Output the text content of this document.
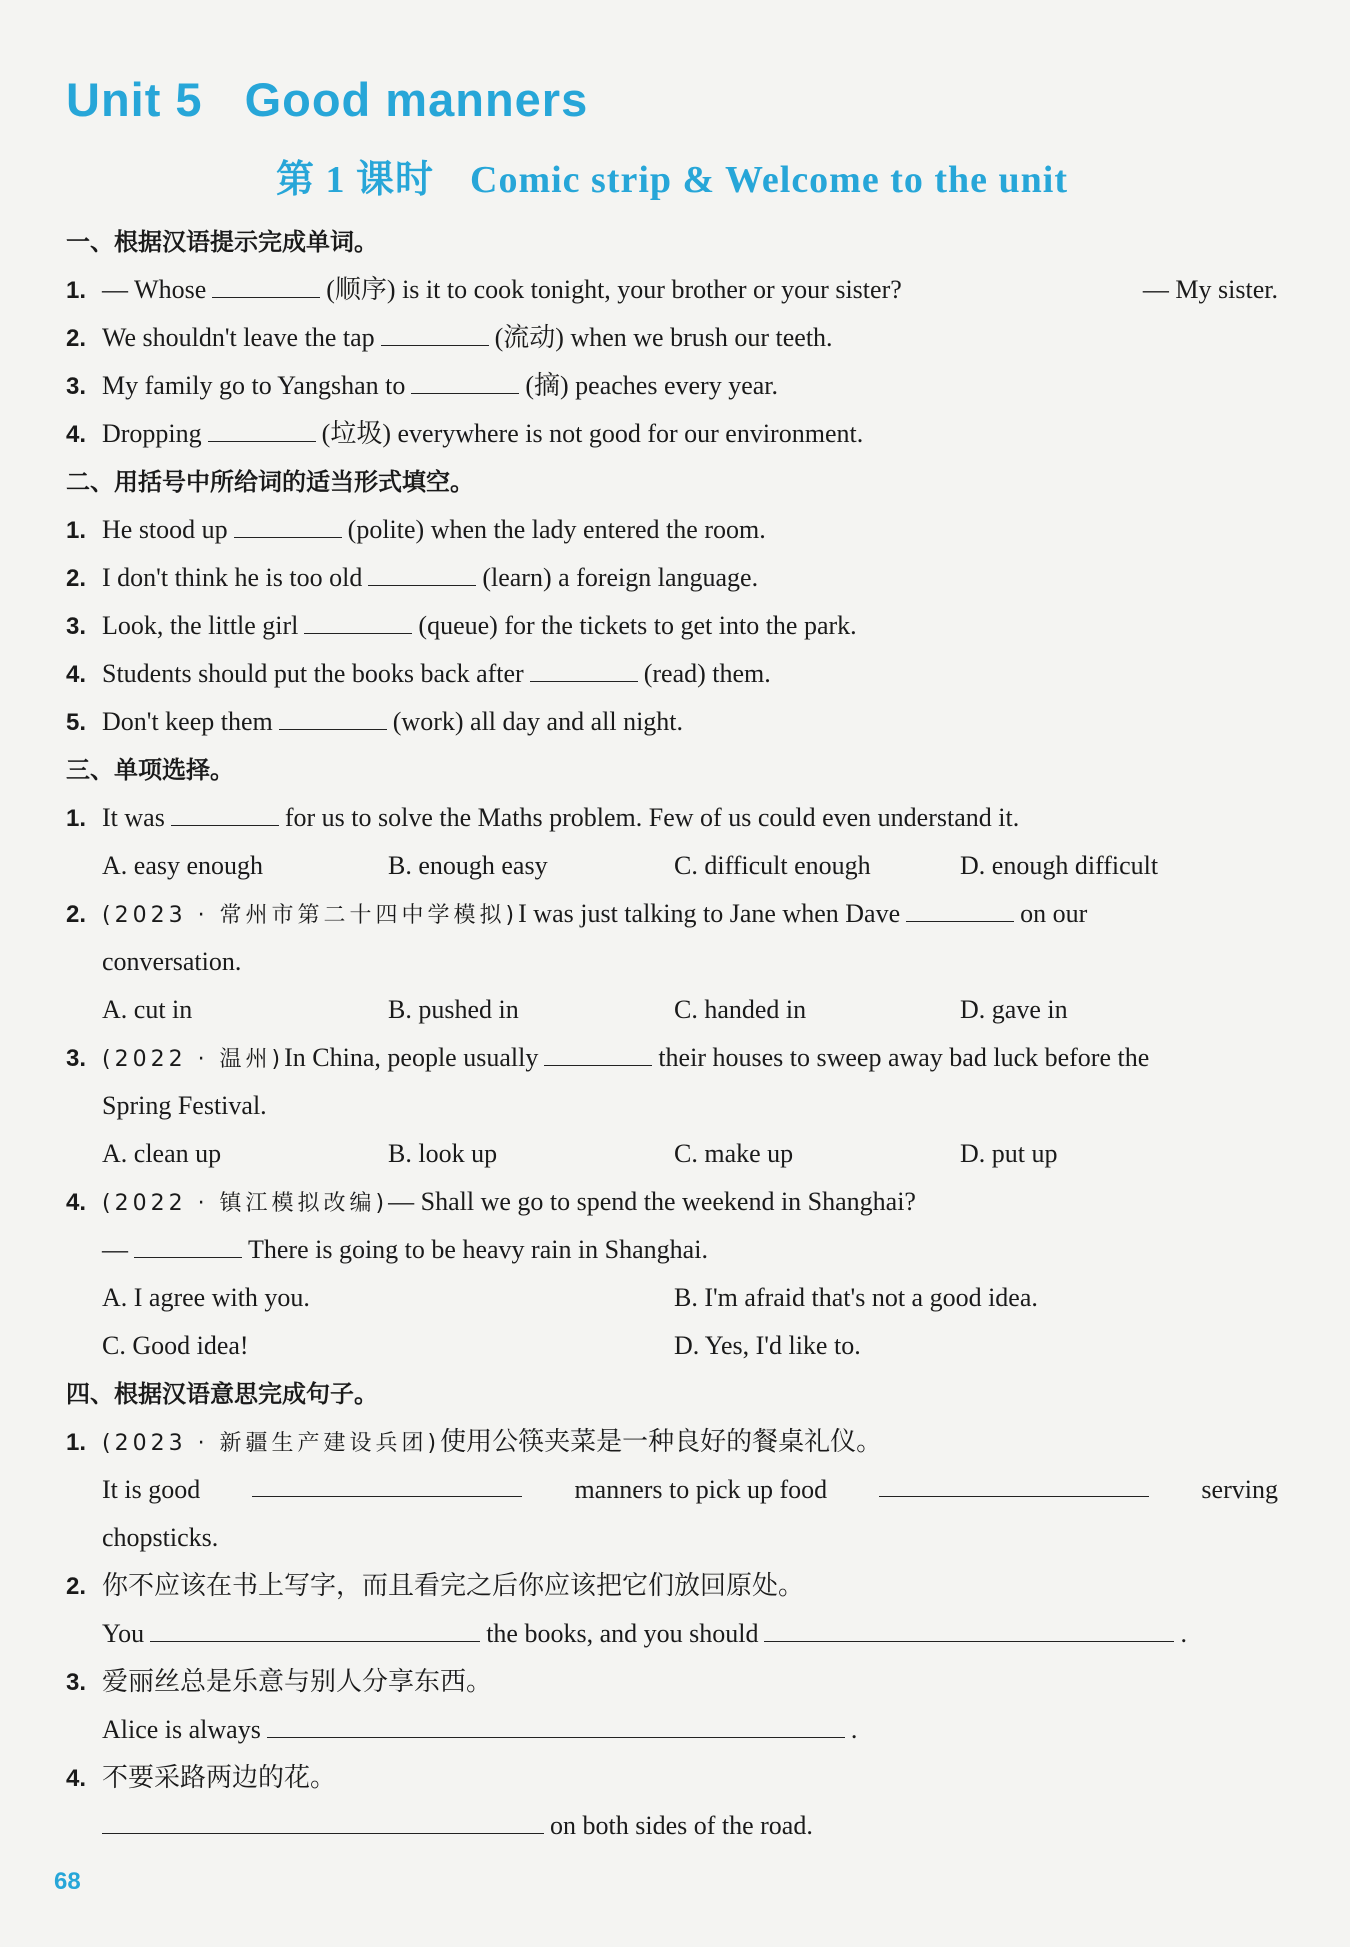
Unit 5 Good manners
第 1 课时 Comic strip & Welcome to the unit
一、根据汉语提示完成单词。
1. — Whose	(顺序) is it to cook tonight, your brother or your sister?	— My sister.
2. We shouldn't leave the tap	(流动) when we brush our teeth.
3. My family go to Yangshan to	(摘) peaches every year.
4. Dropping	(垃圾) everywhere is not good for our environment.
二、用括号中所给词的适当形式填空。
1. He stood up	(polite) when the lady entered the room.
2. I don't think he is too old	(learn) a foreign language.
3. Look, the little girl	(queue) for the tickets to get into the park.
4. Students should put the books back after	(read) them.
5. Don't keep them	(work) all day and all night.
三、单项选择。
1. It was	for us to solve the Maths problem. Few of us could even understand it.
A. easy enough	B. enough easy	C. difficult enough	D. enough difficult
2. (2023 · 常州市第二十四中学模拟)I was just talking to Jane when Dave	on our
conversation.
A. cut in	B. pushed in	C. handed in	D. gave in
3. (2022 · 温州)In China, people usually	their houses to sweep away bad luck before the
Spring Festival.
A. clean up	B. look up	C. make up	D. put up
4. (2022 · 镇江模拟改编)— Shall we go to spend the weekend in Shanghai?
—	There is going to be heavy rain in Shanghai.
A. I agree with you.	B. I'm afraid that's not a good idea.
C. Good idea!	D. Yes, I'd like to.
四、根据汉语意思完成句子。
1. (2023 · 新疆生产建设兵团)使用公筷夹菜是一种良好的餐桌礼仪。
It is good	manners to pick up food	serving
chopsticks.
2. 你不应该在书上写字，而且看完之后你应该把它们放回原处。
You	the books, and you should	.
3. 爱丽丝总是乐意与别人分享东西。
Alice is always	.
4. 不要采路两边的花。
on both sides of the road.
68
